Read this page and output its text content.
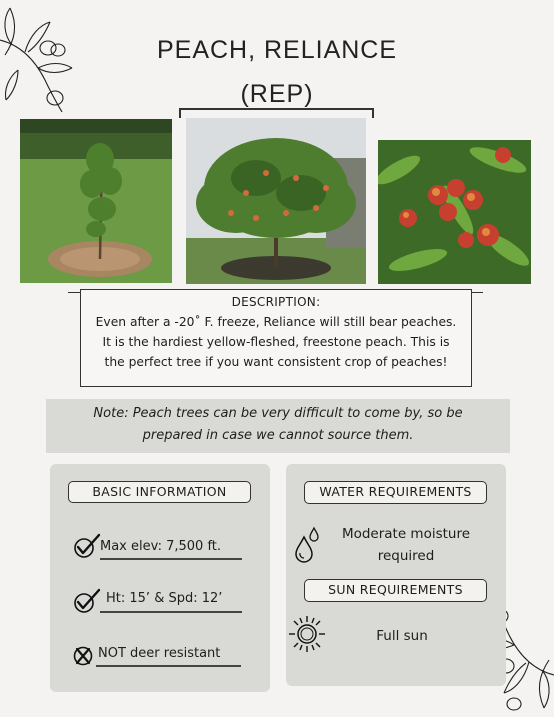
PEACH, RELIANCE
(REP)
DESCRIPTION:
Even after a -20˚ F. freeze, Reliance will still bear peaches.
It is the hardiest yellow-fleshed, freestone peach. This is
the perfect tree if you want consistent crop of peaches!
Note: Peach trees can be very difficult to come by, so be
prepared in case we cannot source them.
BASIC INFORMATION
Max elev: 7,500 ft.
Ht: 15’ & Spd: 12’
NOT deer resistant
WATER REQUIREMENTS
Moderate moisture
required
SUN REQUIREMENTS
Full sun
